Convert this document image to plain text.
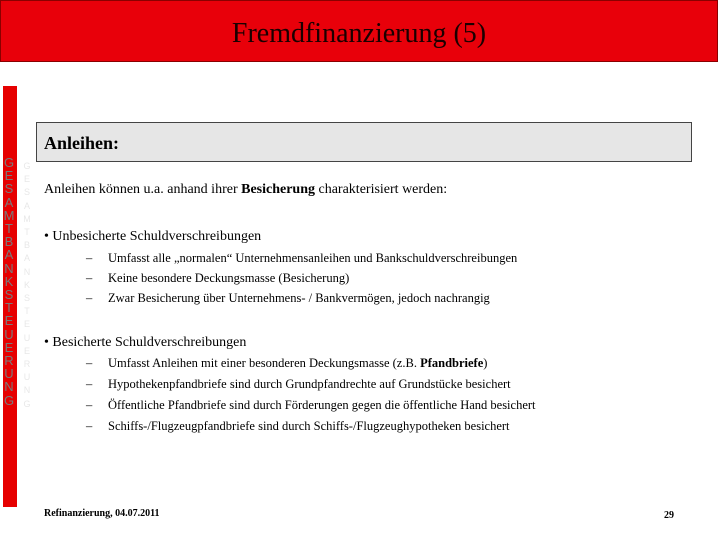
Fremdfinanzierung (5)
G
E
S
A
M
T
B
A
N
K
S
T
E
U
E
R
U
N
G
G
E
S
A
M
T
B
A
N
K
S
T
E
U
E
R
U
N
G
Anleihen:
Anleihen können u.a. anhand ihrer Besicherung charakterisiert werden:
• Unbesicherte Schuldverschreibungen
– Umfasst alle „normalen“ Unternehmensanleihen und Bankschuldverschreibungen
– Keine besondere Deckungsmasse (Besicherung)
– Zwar Besicherung über Unternehmens- / Bankvermögen, jedoch nachrangig
• Besicherte Schuldverschreibungen
– Umfasst Anleihen mit einer besonderen Deckungsmasse (z.B. Pfandbriefe)
– Hypothekenpfandbriefe sind durch Grundpfandrechte auf Grundstücke besichert
– Öffentliche Pfandbriefe sind durch Förderungen gegen die öffentliche Hand besichert
– Schiffs-/Flugzeugpfandbriefe sind durch Schiffs-/Flugzeughypotheken besichert
Refinanzierung, 04.07.2011	29
